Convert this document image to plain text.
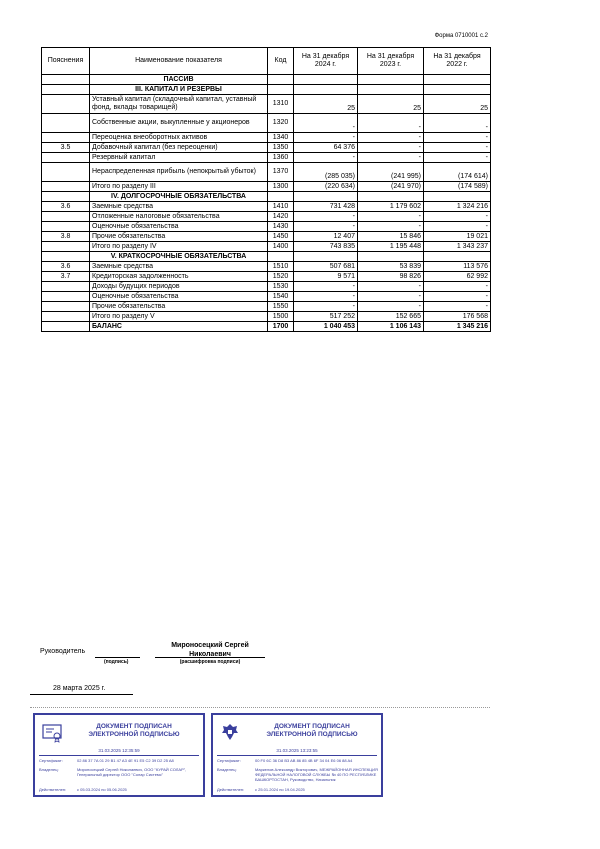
Форма 0710001 с.2
Пояснения	Наименование показателя	Код	На 31 декабря 2024 г.	На 31 декабря 2023 г.	На 31 декабря 2022 г.
	ПАССИВ				
	III. КАПИТАЛ И РЕЗЕРВЫ				
	Уставный капитал (складочный капитал, уставный фонд, вклады товарищей)	1310	25	25	25
	Собственные акции, выкупленные у акционеров	1320	-	-	-
	Переоценка внеоборотных активов	1340	-	-	-
3.5	Добавочный капитал (без переоценки)	1350	64 376	-	-
	Резервный капитал	1360	-	-	-
	Нераспределенная прибыль (непокрытый убыток)	1370	(285 035)	(241 995)	(174 614)
	Итого по разделу III	1300	(220 634)	(241 970)	(174 589)
	IV. ДОЛГОСРОЧНЫЕ ОБЯЗАТЕЛЬСТВА				
3.6	Заемные средства	1410	731 428	1 179 602	1 324 216
	Отложенные налоговые обязательства	1420	-	-	-
	Оценочные обязательства	1430	-	-	-
3.8	Прочие обязательства	1450	12 407	15 846	19 021
	Итого по разделу IV	1400	743 835	1 195 448	1 343 237
	V. КРАТКОСРОЧНЫЕ ОБЯЗАТЕЛЬСТВА				
3.6	Заемные средства	1510	507 681	53 839	113 576
3.7	Кредиторская задолженность	1520	9 571	98 826	62 992
	Доходы будущих периодов	1530	-	-	-
	Оценочные обязательства	1540	-	-	-
	Прочие обязательства	1550	-	-	-
	Итого по разделу V	1500	517 252	152 665	176 568
	БАЛАНС	1700	1 040 453	1 106 143	1 345 216
Руководитель
(подпись)
Мироносецкий Сергей Николаевич
(расшифровка подписи)
28 марта 2025 г.
ДОКУМЕНТ ПОДПИСАН
ЭЛЕКТРОННОЙ ПОДПИСЬЮ
31.03.2025 12:35:59
Сертификат:	02 86 37 7A 01 29 B1 47 A3 4E 91 E5 C2 39 D2 25 A8
Владелец:	Мироносецкий Сергей Николаевич, ООО "КУРАЙ СОЛАР", Генеральный директор ООО "Солар Системс"
Действителен:	с 05.03.2024 по 05.06.2025
ДОКУМЕНТ ПОДПИСАН
ЭЛЕКТРОННОЙ ПОДПИСЬЮ
31.03.2025 13:23:55
Сертификат:	00 F0 6C 36 D8 B3 AB 86 85 4B 6F 34 04 E6 06 88 A4
Владелец:	Маркелов Александр Викторович, МЕЖРАЙОННАЯ ИНСПЕКЦИЯ ФЕДЕРАЛЬНОЙ НАЛОГОВОЙ СЛУЖБЫ № 40 ПО РЕСПУБЛИКЕ БАШКОРТОСТАН, Руководство, Начальник
Действителен:	с 25.01.2024 по 19.04.2025
